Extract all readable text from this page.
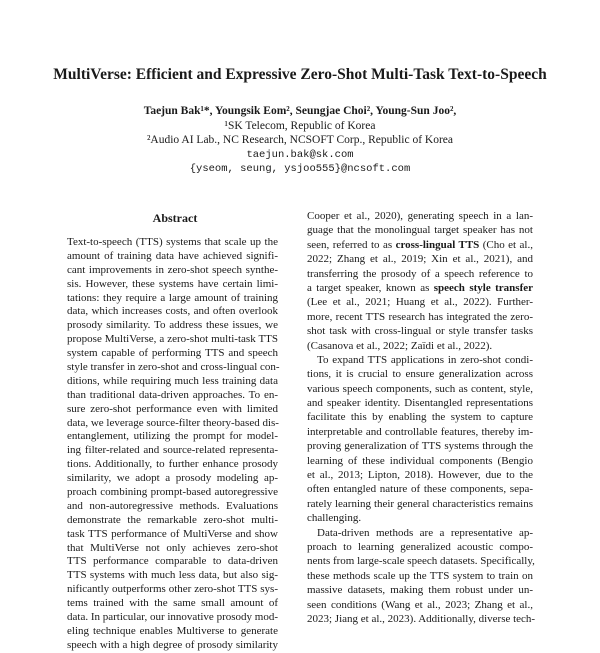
MultiVerse: Efficient and Expressive Zero-Shot Multi-Task Text-to-Speech
Taejun Bak¹*, Youngsik Eom², Seungjae Choi², Young-Sun Joo²,
¹SK Telecom, Republic of Korea
²Audio AI Lab., NC Research, NCSOFT Corp., Republic of Korea
taejun.bak@sk.com
{yseom, seung, ysjoo555}@ncsoft.com
Abstract
Text-to-speech (TTS) systems that scale up the
amount of training data have achieved signifi-
cant improvements in zero-shot speech synthe-
sis. However, these systems have certain limi-
tations: they require a large amount of training
data, which increases costs, and often overlook
prosody similarity. To address these issues, we
propose MultiVerse, a zero-shot multi-task TTS
system capable of performing TTS and speech
style transfer in zero-shot and cross-lingual con-
ditions, while requiring much less training data
than traditional data-driven approaches. To en-
sure zero-shot performance even with limited
data, we leverage source-filter theory-based dis-
entanglement, utilizing the prompt for model-
ing filter-related and source-related representa-
tions. Additionally, to further enhance prosody
similarity, we adopt a prosody modeling ap-
proach combining prompt-based autoregressive
and non-autoregressive methods. Evaluations
demonstrate the remarkable zero-shot multi-
task TTS performance of MultiVerse and show
that MultiVerse not only achieves zero-shot
TTS performance comparable to data-driven
TTS systems with much less data, but also sig-
nificantly outperforms other zero-shot TTS sys-
tems trained with the same small amount of
data. In particular, our innovative prosody mod-
eling technique enables Multiverse to generate
speech with a high degree of prosody similarity
Cooper et al., 2020), generating speech in a lan-
guage that the monolingual target speaker has not
seen, referred to as cross-lingual TTS (Cho et al.,
2022; Zhang et al., 2019; Xin et al., 2021), and
transferring the prosody of a speech reference to
a target speaker, known as speech style transfer
(Lee et al., 2021; Huang et al., 2022). Further-
more, recent TTS research has integrated the zero-
shot task with cross-lingual or style transfer tasks
(Casanova et al., 2022; Zaïdi et al., 2022).
To expand TTS applications in zero-shot condi-
tions, it is crucial to ensure generalization across
various speech components, such as content, style,
and speaker identity. Disentangled representations
facilitate this by enabling the system to capture
interpretable and controllable features, thereby im-
proving generalization of TTS systems through the
learning of these individual components (Bengio
et al., 2013; Lipton, 2018). However, due to the
often entangled nature of these components, sepa-
rately learning their general characteristics remains
challenging.
Data-driven methods are a representative ap-
proach to learning generalized acoustic compo-
nents from large-scale speech datasets. Specifically,
these methods scale up the TTS system to train on
massive datasets, making them robust under un-
seen conditions (Wang et al., 2023; Zhang et al.,
2023; Jiang et al., 2023). Additionally, diverse tech-
